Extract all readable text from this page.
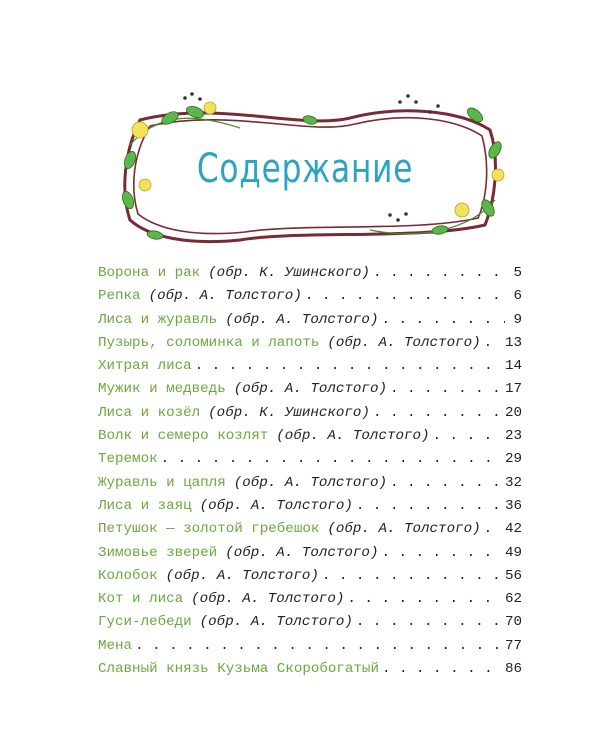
Содержание
Ворона и рак (обр. К. Ушинского) . . .	5
Репка (обр. А. Толстого) . . .	6
Лиса и журавль (обр. А. Толстого) . . .	9
Пузырь, соломинка и лапоть (обр. А. Толстого) . . . 13
Хитрая лиса . . .	14
Мужик и медведь (обр. А. Толстого) . . .	17
Лиса и козёл (обр. К. Ушинского) . . .	20
Волк и семеро козлят (обр. А. Толстого) . . .	23
Теремок . . .	29
Журавль и цапля (обр. А. Толстого) . . .	32
Лиса и заяц (обр. А. Толстого) . . .	36
Петушок — золотой гребешок (обр. А. Толстого) . . . 42
Зимовье зверей (обр. А. Толстого) . . .	49
Колобок (обр. А. Толстого) . . .	56
Кот и лиса (обр. А. Толстого) . . .	62
Гуси-лебеди (обр. А. Толстого) . . .	70
Мена . . .	77
Славный князь Кузьма Скоробогатый . . .	86
